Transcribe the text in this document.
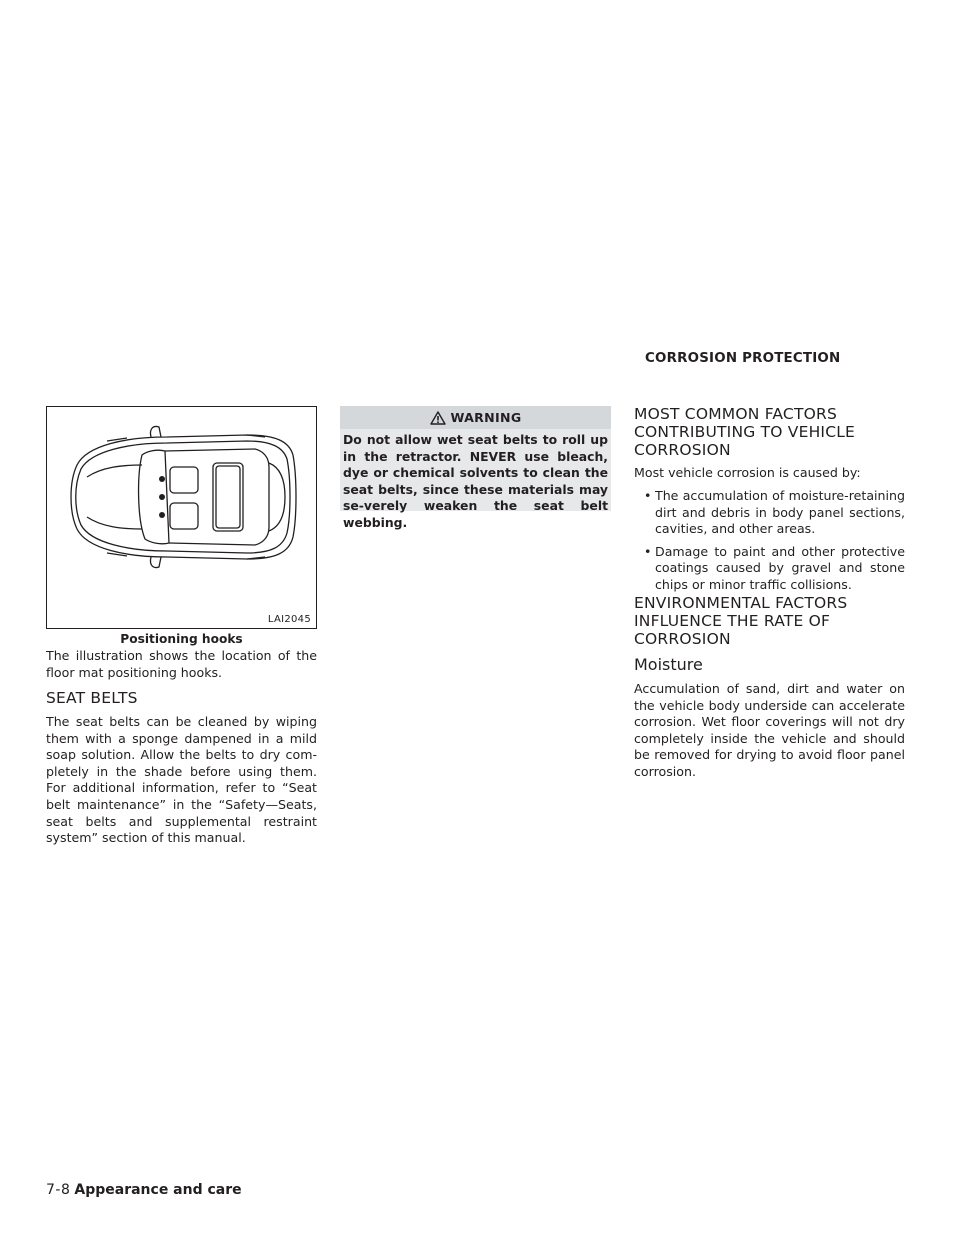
CORROSION PROTECTION
LAI2045
Positioning hooks

The illustration shows the location of the floor mat positioning hooks.

SEAT BELTS

The seat belts can be cleaned by wiping them with a sponge dampened in a mild soap solution. Allow the belts to dry com-pletely in the shade before using them. For additional information, refer to “Seat belt maintenance” in the “Safety—Seats, seat belts and supplemental restraint system” section of this manual.

WARNING

Do not allow wet seat belts to roll up in the retractor. NEVER use bleach, dye or chemical solvents to clean the seat belts, since these materials may se-verely weaken the seat belt webbing.

MOST COMMON FACTORS CONTRIBUTING TO VEHICLE CORROSION

Most vehicle corrosion is caused by:

• The accumulation of moisture-retaining dirt and debris in body panel sections, cavities, and other areas.
• Damage to paint and other protective coatings caused by gravel and stone chips or minor traffic collisions.
ENVIRONMENTAL FACTORS INFLUENCE THE RATE OF CORROSION
Moisture

Accumulation of sand, dirt and water on the vehicle body underside can accelerate corrosion. Wet floor coverings will not dry completely inside the vehicle and should be removed for drying to avoid floor panel corrosion.

7-8 Appearance and care
